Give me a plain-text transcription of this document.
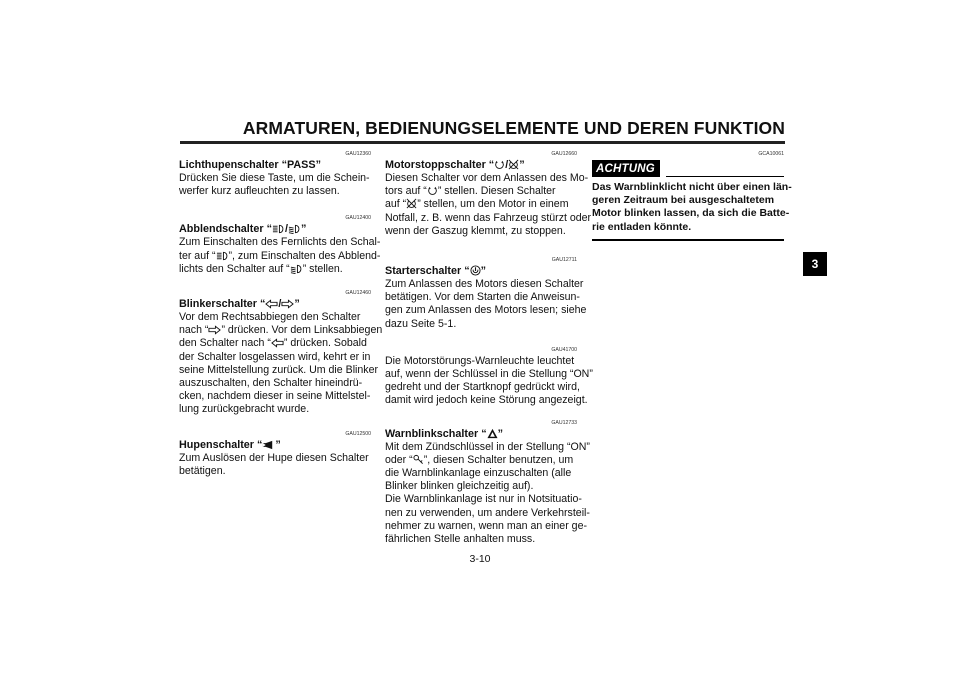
ARMATUREN, BEDIENUNGSELEMENTE UND DEREN FUNKTION
GAU12360
Lichthupenschalter “PASS”

Drücken Sie diese Taste, um die Schein-

werfer kurz aufleuchten zu lassen.

GAU12400
Abblendschalter “ / ”

Zum Einschalten des Fernlichts den Schal-

ter auf “ ”, zum Einschalten des Abblend-

lichts den Schalter auf “ ” stellen.

GAU12460
Blinkerschalter “ / ”

Vor dem Rechtsabbiegen den Schalter

nach “ ” drücken. Vor dem Linksabbiegen

den Schalter nach “ ” drücken. Sobald

der Schalter losgelassen wird, kehrt er in

seine Mittelstellung zurück. Um die Blinker

auszuschalten, den Schalter hineindrü-

cken, nachdem dieser in seine Mittelstel-

lung zurückgebracht wurde.

GAU12500
Hupenschalter “ ”

Zum Auslösen der Hupe diesen Schalter

betätigen.

GAU12660
Motorstoppschalter “ / ”

Diesen Schalter vor dem Anlassen des Mo-

tors auf “ ” stellen. Diesen Schalter

auf “ ” stellen, um den Motor in einem

Notfall, z. B. wenn das Fahrzeug stürzt oder

wenn der Gaszug klemmt, zu stoppen.

GAU12711
Starterschalter “ ”

Zum Anlassen des Motors diesen Schalter

betätigen. Vor dem Starten die Anweisun-

gen zum Anlassen des Motors lesen; siehe

dazu Seite 5-1.

GAU41700

Die Motorstörungs-Warnleuchte leuchtet

auf, wenn der Schlüssel in die Stellung “ON”

gedreht und der Startknopf gedrückt wird,

damit wird jedoch keine Störung angezeigt.

GAU12733
Warnblinkschalter “ ”

Mit dem Zündschlüssel in der Stellung “ON”

oder “ ”, diesen Schalter benutzen, um

die Warnblinkanlage einzuschalten (alle

Blinker blinken gleichzeitig auf).

Die Warnblinkanlage ist nur in Notsituatio-

nen zu verwenden, um andere Verkehrsteil-

nehmer zu warnen, wenn man an einer ge-

fährlichen Stelle anhalten muss.

GCA10061
ACHTUNG

Das Warnblinklicht nicht über einen län-

geren Zeitraum bei ausgeschaltetem

Motor blinken lassen, da sich die Batte-

rie entladen könnte.

3
3-10
